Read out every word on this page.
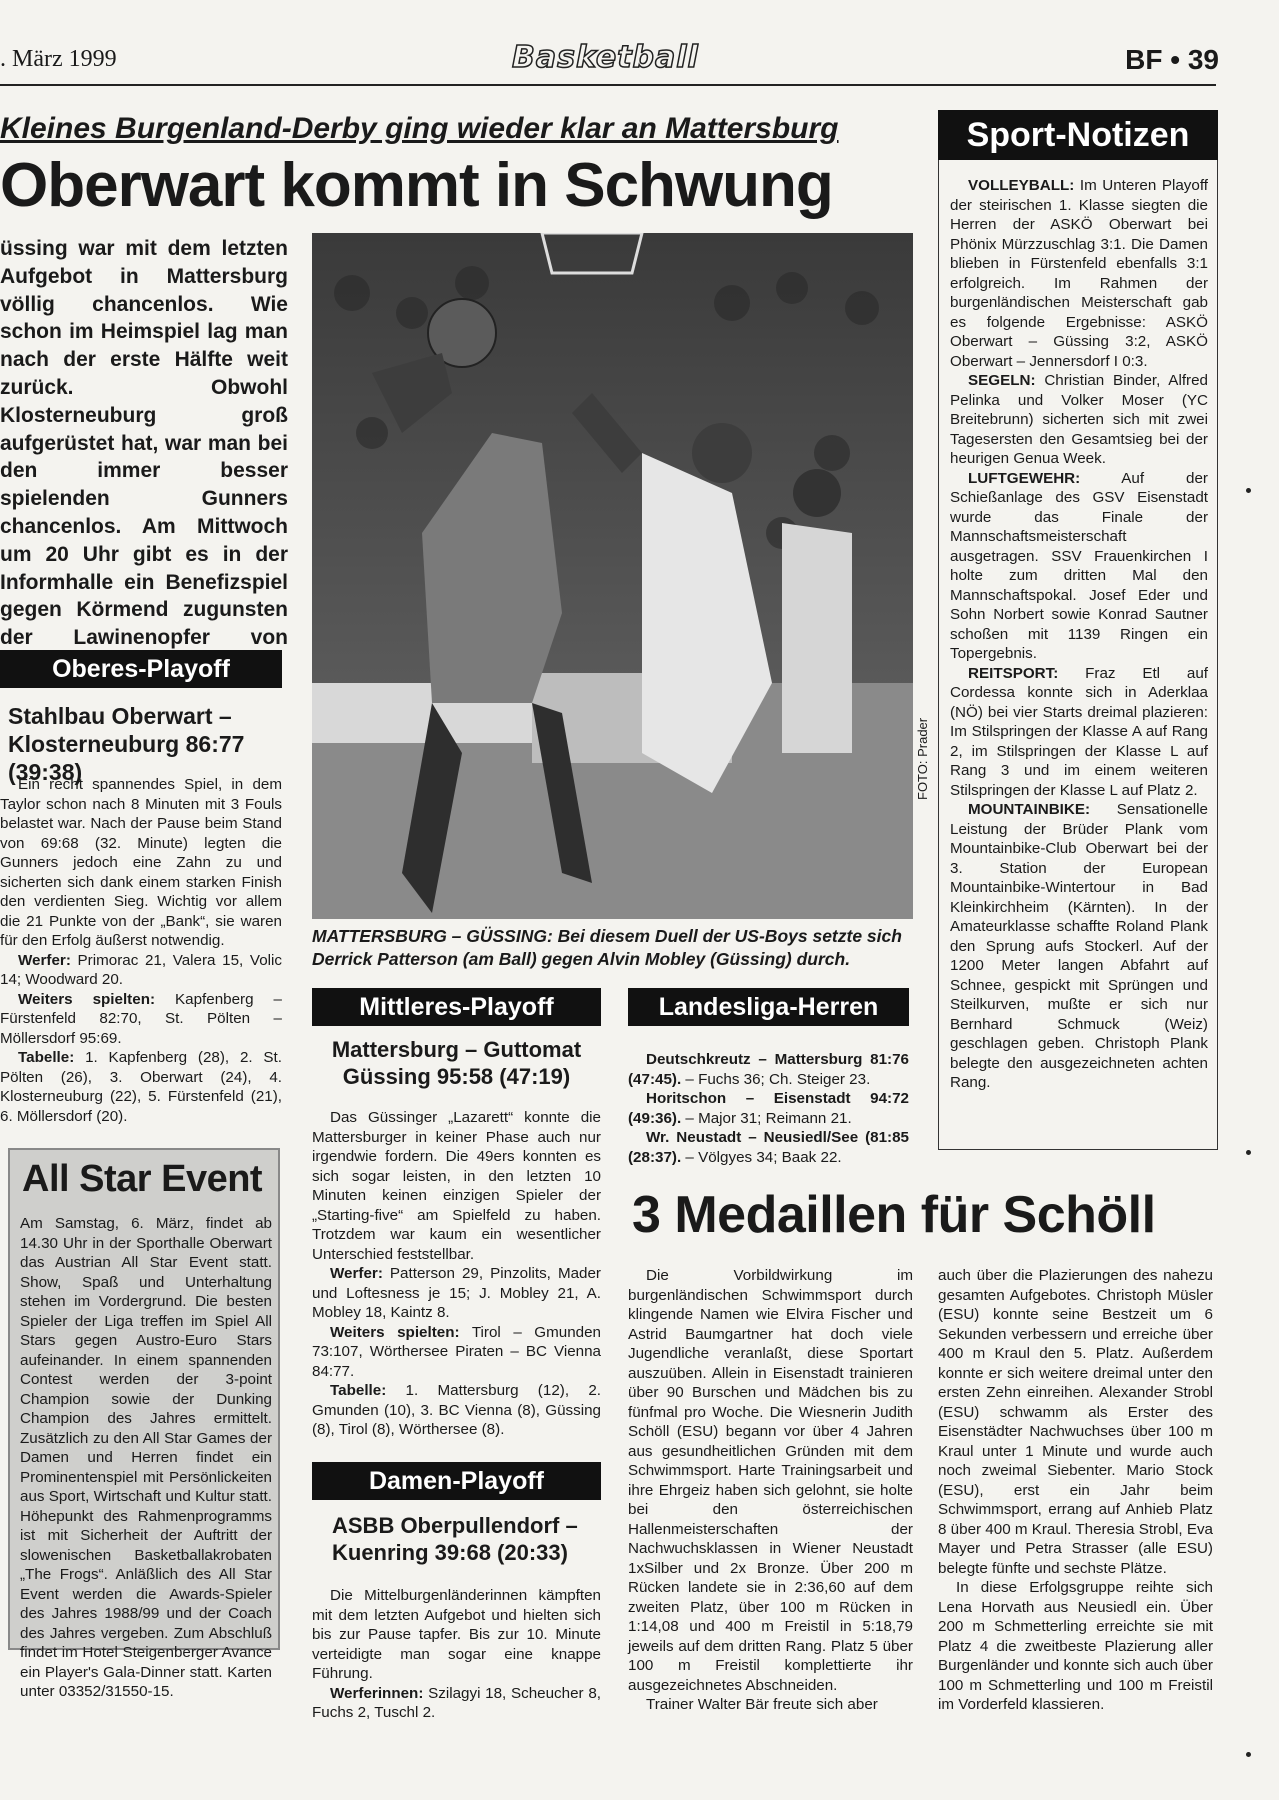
. März 1999	Basketball	BF • 39
Kleines Burgenland-Derby ging wieder klar an Mattersburg
Oberwart kommt in Schwung
üssing war mit dem letzten Aufgebot in Mattersburg völlig chancenlos. Wie schon im Heimspiel lag man nach der erste Hälfte weit zurück. Obwohl Klosterneuburg groß aufgerüstet hat, war man bei den immer besser spielenden Gunners chancenlos. Am Mittwoch um 20 Uhr gibt es in der Informhalle ein Benefizspiel gegen Körmend zugunsten der Lawinenopfer von
Oberes-Playoff
Stahlbau Oberwart – Klosterneuburg 86:77 (39:38)

Ein recht spannendes Spiel, in dem Taylor schon nach 8 Minuten mit 3 Fouls belastet war. Nach der Pause beim Stand von 69:68 (32. Minute) legten die Gunners jedoch eine Zahn zu und sicherten sich dank einem starken Finish den verdienten Sieg. Wichtig vor allem die 21 Punkte von der „Bank“, sie waren für den Erfolg äußerst notwendig.

Werfer: Primorac 21, Valera 15, Volic 14; Woodward 20.

Weiters spielten: Kapfenberg – Fürstenfeld 82:70, St. Pölten – Möllersdorf 95:69.

Tabelle: 1. Kapfenberg (28), 2. St. Pölten (26), 3. Oberwart (24), 4. Klosterneuburg (22), 5. Fürstenfeld (21), 6. Möllersdorf (20).

FOTO: Prader
MATTERSBURG – GÜSSING: Bei diesem Duell der US-Boys setzte sich Derrick Patterson (am Ball) gegen Alvin Mobley (Güssing) durch.
Mittleres-Playoff
Mattersburg – Guttomat Güssing 95:58 (47:19)

Das Güssinger „Lazarett“ konnte die Mattersburger in keiner Phase auch nur irgendwie fordern. Die 49ers konnten es sich sogar leisten, in den letzten 10 Minuten keinen einzigen Spieler der „Starting-five“ am Spielfeld zu haben. Trotzdem war kaum ein wesentlicher Unterschied feststellbar.

Werfer: Patterson 29, Pinzolits, Mader und Loftesness je 15; J. Mobley 21, A. Mobley 18, Kaintz 8.

Weiters spielten: Tirol – Gmunden 73:107, Wörthersee Piraten – BC Vienna 84:77.

Tabelle: 1. Mattersburg (12), 2. Gmunden (10), 3. BC Vienna (8), Güssing (8), Tirol (8), Wörthersee (8).

Landesliga-Herren

Deutschkreutz – Mattersburg 81:76 (47:45). – Fuchs 36; Ch. Steiger 23.

Horitschon – Eisenstadt 94:72 (49:36). – Major 31; Reimann 21.

Wr. Neustadt – Neusiedl/See (81:85 (28:37). – Völgyes 34; Baak 22.

Damen-Playoff
ASBB Oberpullendorf – Kuenring 39:68 (20:33)

Die Mittelburgenländerinnen kämpften mit dem letzten Aufgebot und hielten sich bis zur Pause tapfer. Bis zur 10. Minute verteidigte man sogar eine knappe Führung.

Werferinnen: Szilagyi 18, Scheucher 8, Fuchs 2, Tuschl 2.

All Star Event
Am Samstag, 6. März, findet ab 14.30 Uhr in der Sporthalle Oberwart das Austrian All Star Event statt. Show, Spaß und Unterhaltung stehen im Vordergrund. Die besten Spieler der Liga treffen im Spiel All Stars gegen Austro-Euro Stars aufeinander. In einem spannenden Contest werden der 3-point Champion sowie der Dunking Champion des Jahres ermittelt. Zusätzlich zu den All Star Games der Damen und Herren findet ein Prominentenspiel mit Persönlickeiten aus Sport, Wirtschaft und Kultur statt. Höhepunkt des Rahmenprogramms ist mit Sicherheit der Auftritt der slowenischen Basketballakrobaten „The Frogs“. Anläßlich des All Star Event werden die Awards-Spieler des Jahres 1988/99 und der Coach des Jahres vergeben. Zum Abschluß findet im Hotel Steigenberger Avance ein Player's Gala-Dinner statt. Karten unter 03352/31550-15.
Sport-Notizen

VOLLEYBALL: Im Unteren Playoff der steirischen 1. Klasse siegten die Herren der ASKÖ Oberwart bei Phönix Mürzzuschlag 3:1. Die Damen blieben in Fürstenfeld ebenfalls 3:1 erfolgreich. Im Rahmen der burgenländischen Meisterschaft gab es folgende Ergebnisse: ASKÖ Oberwart – Güssing 3:2, ASKÖ Oberwart – Jennersdorf I 0:3.

SEGELN: Christian Binder, Alfred Pelinka und Volker Moser (YC Breitebrunn) sicherten sich mit zwei Tagesersten den Gesamtsieg bei der heurigen Genua Week.

LUFTGEWEHR: Auf der Schießanlage des GSV Eisenstadt wurde das Finale der Mannschaftsmeisterschaft ausgetragen. SSV Frauenkirchen I holte zum dritten Mal den Mannschaftspokal. Josef Eder und Sohn Norbert sowie Konrad Sautner schoßen mit 1139 Ringen ein Topergebnis.

REITSPORT: Fraz Etl auf Cordessa konnte sich in Aderklaa (NÖ) bei vier Starts dreimal plazieren: Im Stilspringen der Klasse A auf Rang 2, im Stilspringen der Klasse L auf Rang 3 und im einem weiteren Stilspringen der Klasse L auf Platz 2.

MOUNTAINBIKE: Sensationelle Leistung der Brüder Plank vom Mountainbike-Club Oberwart bei der 3. Station der European Mountainbike-Wintertour in Bad Kleinkirchheim (Kärnten). In der Amateurklasse schaffte Roland Plank den Sprung aufs Stockerl. Auf der 1200 Meter langen Abfahrt auf Schnee, gespickt mit Sprüngen und Steilkurven, mußte er sich nur Bernhard Schmuck (Weiz) geschlagen geben. Christoph Plank belegte den ausgezeichneten achten Rang.

3 Medaillen für Schöll

Die Vorbildwirkung im burgenländischen Schwimmsport durch klingende Namen wie Elvira Fischer und Astrid Baumgartner hat doch viele Jugendliche veranlaßt, diese Sportart auszuüben. Allein in Eisenstadt trainieren über 90 Burschen und Mädchen bis zu fünfmal pro Woche. Die Wiesnerin Judith Schöll (ESU) begann vor über 4 Jahren aus gesundheitlichen Gründen mit dem Schwimmsport. Harte Trainingsarbeit und ihre Ehrgeiz haben sich gelohnt, sie holte bei den österreichischen Hallenmeisterschaften der Nachwuchsklassen in Wiener Neustadt 1xSilber und 2x Bronze. Über 200 m Rücken landete sie in 2:36,60 auf dem zweiten Platz, über 100 m Rücken in 1:14,08 und 400 m Freistil in 5:18,79 jeweils auf dem dritten Rang. Platz 5 über 100 m Freistil komplettierte ihr ausgezeichnetes Abschneiden.

Trainer Walter Bär freute sich aber

auch über die Plazierungen des nahezu gesamten Aufgebotes. Christoph Müsler (ESU) konnte seine Bestzeit um 6 Sekunden verbessern und erreiche über 400 m Kraul den 5. Platz. Außerdem konnte er sich weitere dreimal unter den ersten Zehn einreihen. Alexander Strobl (ESU) schwamm als Erster des Eisenstädter Nachwuchses über 100 m Kraul unter 1 Minute und wurde auch noch zweimal Siebenter. Mario Stock (ESU), erst ein Jahr beim Schwimmsport, errang auf Anhieb Platz 8 über 400 m Kraul. Theresia Strobl, Eva Mayer und Petra Strasser (alle ESU) belegte fünfte und sechste Plätze.

In diese Erfolgsgruppe reihte sich Lena Horvath aus Neusiedl ein. Über 200 m Schmetterling erreichte sie mit Platz 4 die zweitbeste Plazierung aller Burgenländer und konnte sich auch über 100 m Schmetterling und 100 m Freistil im Vorderfeld klassieren.
